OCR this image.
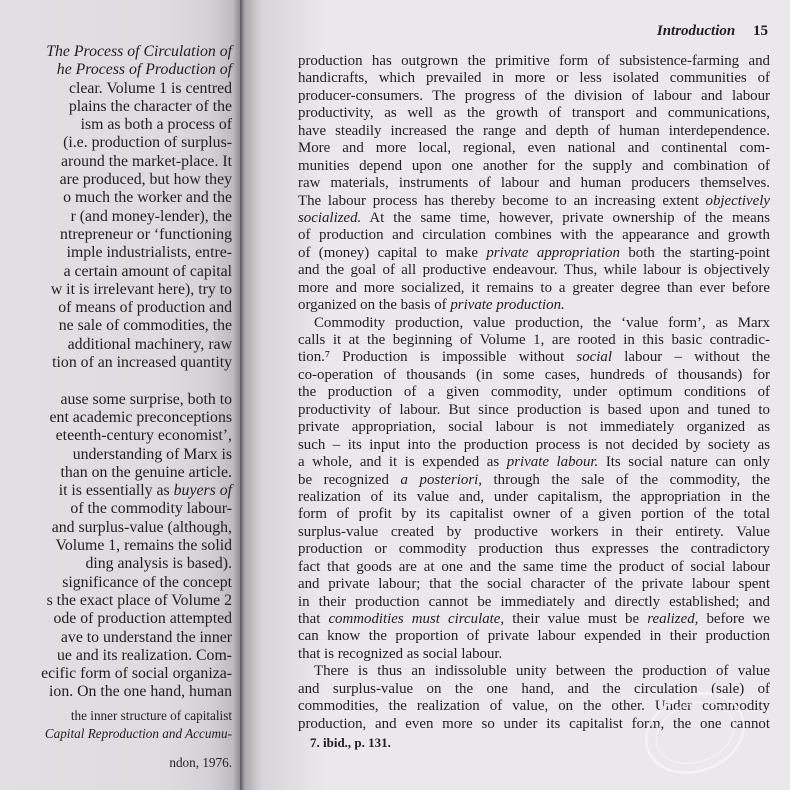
The Process of Circulation of
he Process of Production of
clear. Volume 1 is centred
plains the character of the
ism as both a process of
(i.e. production of surplus-
around the market-place. It
are produced, but how they
o much the worker and the
r (and money-lender), the
ntrepreneur or ‘functioning
imple industrialists, entre-
a certain amount of capital
w it is irrelevant here), try to
of means of production and
ne sale of commodities, the
additional machinery, raw
tion of an increased quantity
ause some surprise, both to
ent academic preconceptions
eteenth-century economist’,
understanding of Marx is
than on the genuine article.
it is essentially as buyers of
of the commodity labour-
and surplus-value (although,
Volume 1, remains the solid
ding analysis is based).
significance of the concept
s the exact place of Volume 2
ode of production attempted
ave to understand the inner
ue and its realization. Com-
ecific form of social organiza-
ion. On the one hand, human
the inner structure of capitalist
Capital Reproduction and Accumu-
ndon, 1976.
Introduction 15
production has outgrown the primitive form of subsistence-farming and
handicrafts, which prevailed in more or less isolated communities of
producer-consumers. The progress of the division of labour and labour
productivity, as well as the growth of transport and communications,
have steadily increased the range and depth of human interdependence.
More and more local, regional, even national and continental com-
munities depend upon one another for the supply and combination of
raw materials, instruments of labour and human producers themselves.
The labour process has thereby become to an increasing extent objectively
socialized. At the same time, however, private ownership of the means
of production and circulation combines with the appearance and growth
of (money) capital to make private appropriation both the starting-point
and the goal of all productive endeavour. Thus, while labour is objectively
more and more socialized, it remains to a greater degree than ever before
organized on the basis of private production.
Commodity production, value production, the ‘value form’, as Marx
calls it at the beginning of Volume 1, are rooted in this basic contradic-
tion.⁷ Production is impossible without social labour – without the
co-operation of thousands (in some cases, hundreds of thousands) for
the production of a given commodity, under optimum conditions of
productivity of labour. But since production is based upon and tuned to
private appropriation, social labour is not immediately organized as
such – its input into the production process is not decided by society as
a whole, and it is expended as private labour. Its social nature can only
be recognized a posteriori, through the sale of the commodity, the
realization of its value and, under capitalism, the appropriation in the
form of profit by its capitalist owner of a given portion of the total
surplus-value created by productive workers in their entirety. Value
production or commodity production thus expresses the contradictory
fact that goods are at one and the same time the product of social labour
and private labour; that the social character of the private labour spent
in their production cannot be immediately and directly established; and
that commodities must circulate, their value must be realized, before we
can know the proportion of private labour expended in their production
that is recognized as social labour.
There is thus an indissoluble unity between the production of value
and surplus-value on the one hand, and the circulation (sale) of
commodities, the realization of value, on the other. Under commodity
production, and even more so under its capitalist form, the one cannot
7. ibid., p. 131.
